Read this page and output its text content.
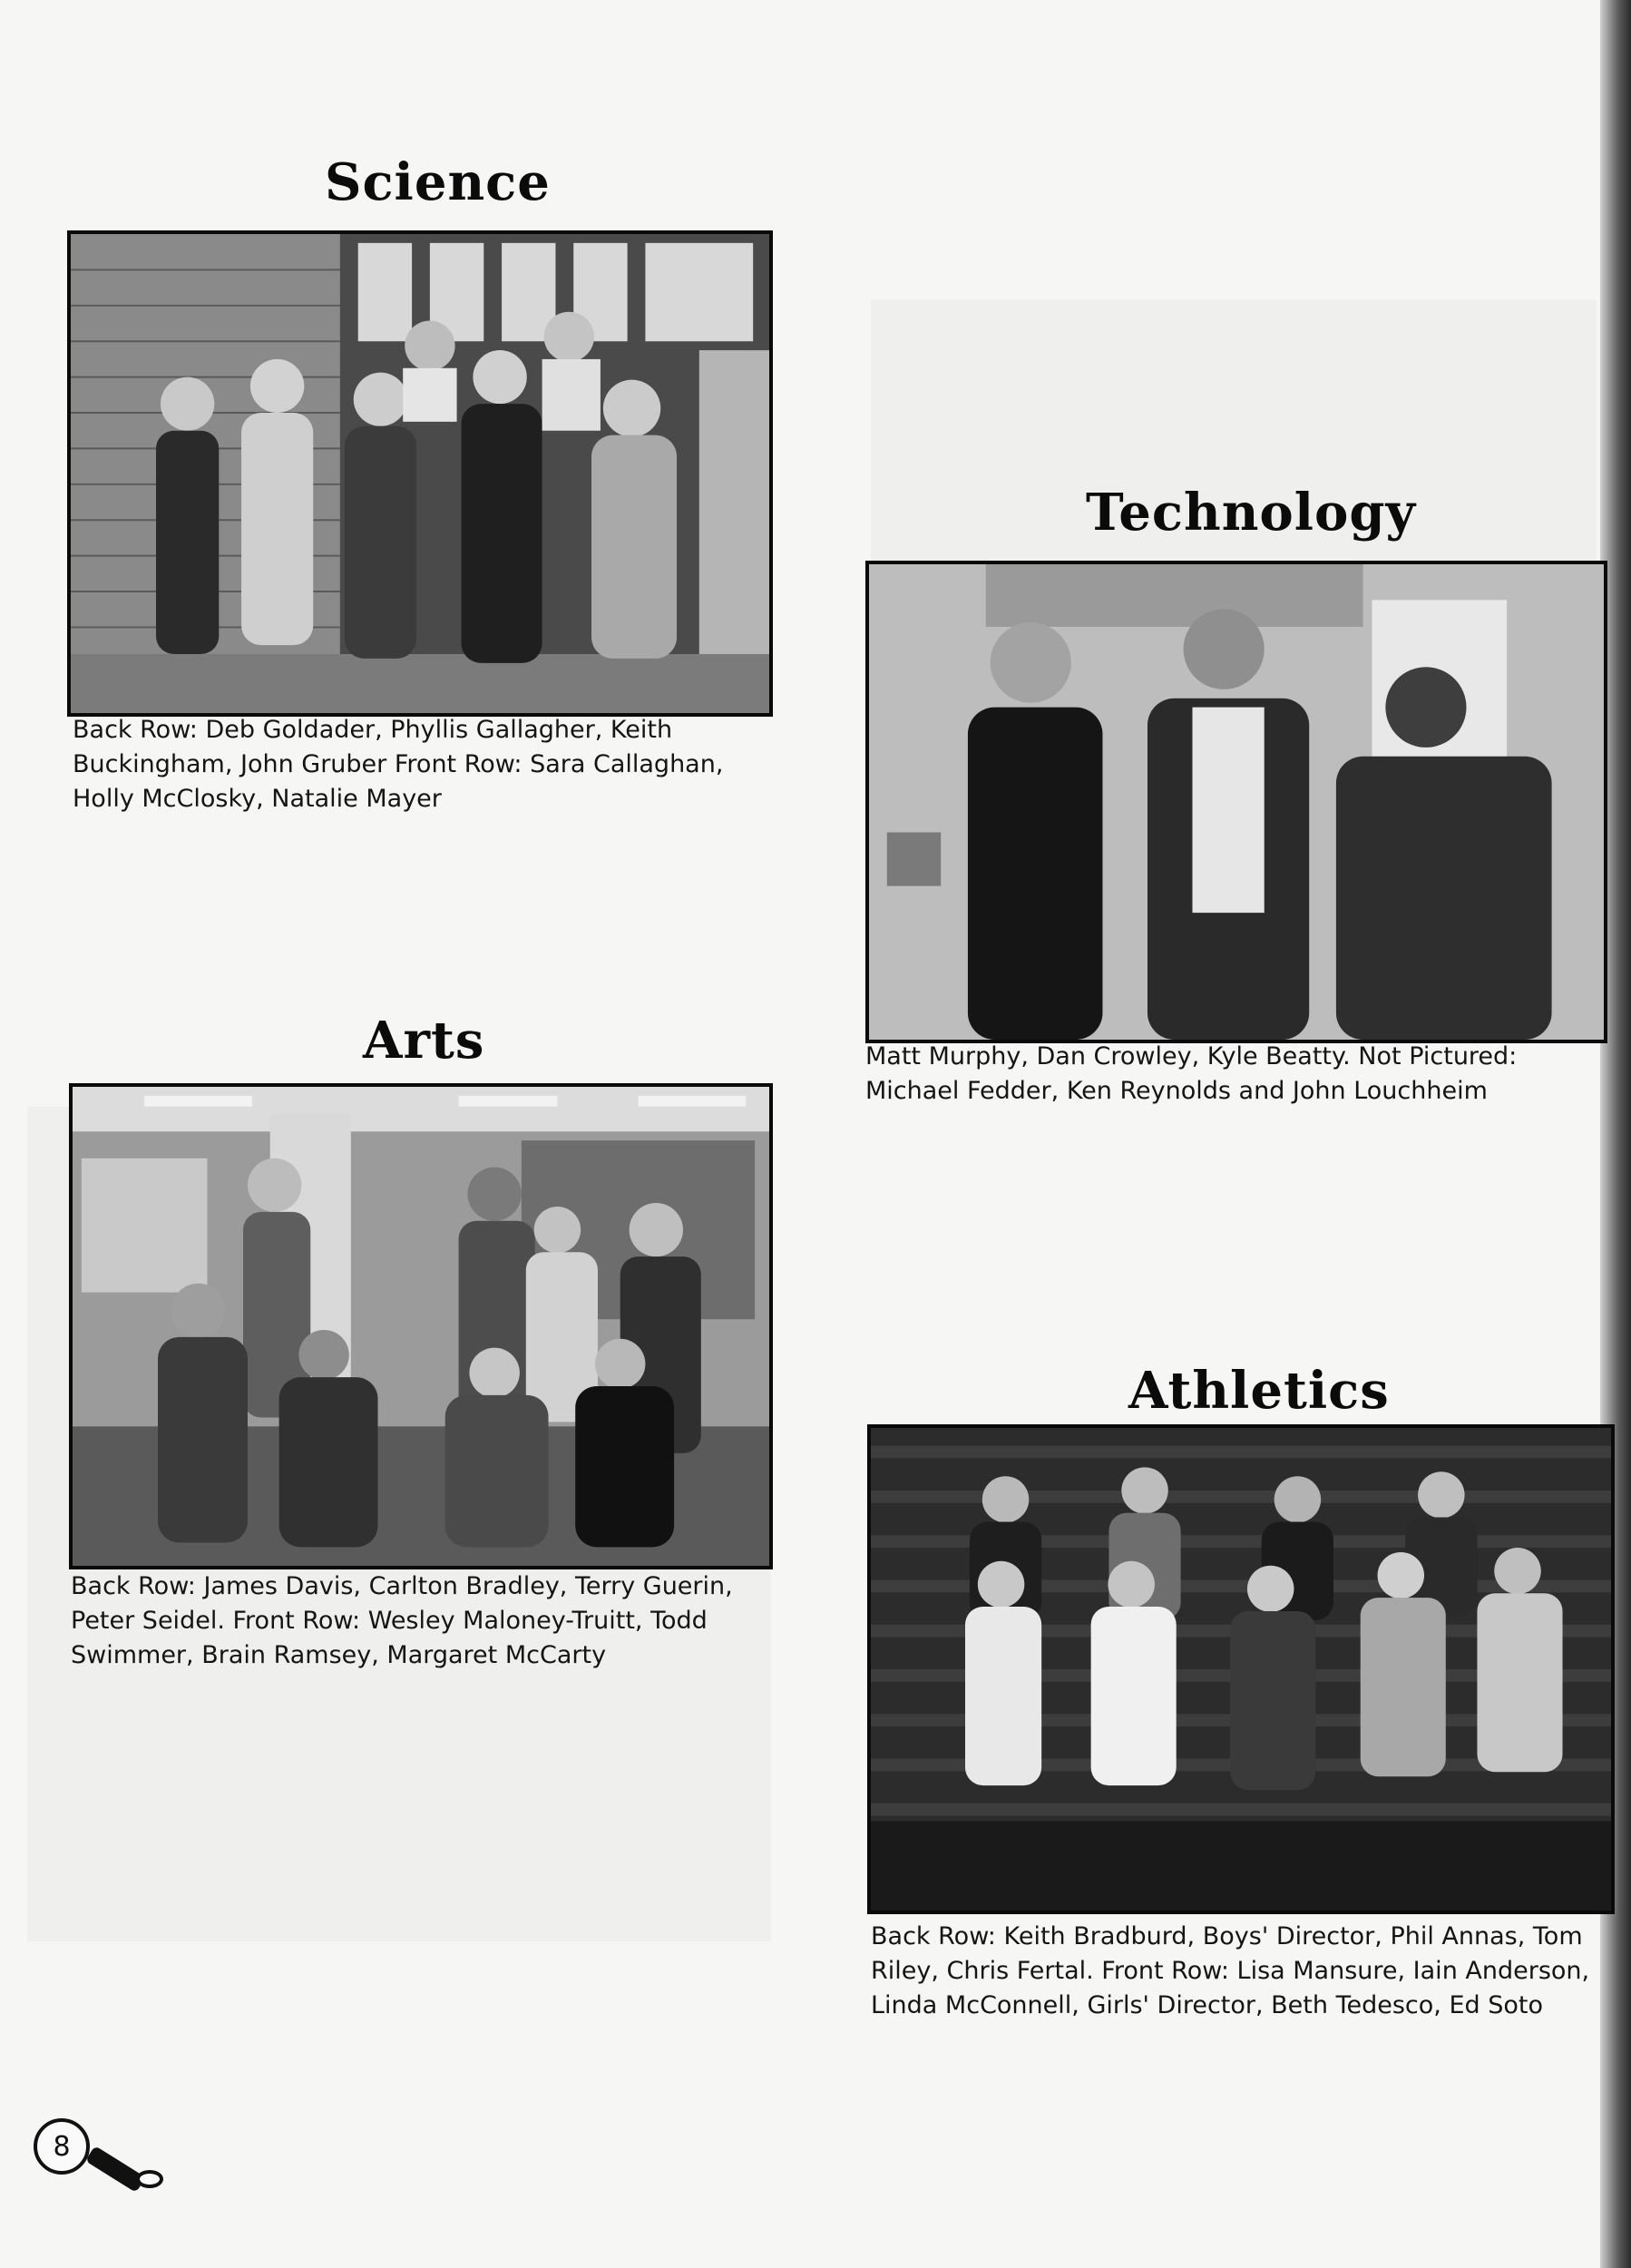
Science

Back Row: Deb Goldader, Phyllis Gallagher, Keith Buckingham, John Gruber Front Row: Sara Callaghan, Holly McClosky, Natalie Mayer

Technology

Matt Murphy, Dan Crowley, Kyle Beatty. Not Pictured: Michael Fedder, Ken Reynolds and John Louchheim

Arts

Back Row: James Davis, Carlton Bradley, Terry Guerin, Peter Seidel. Front Row: Wesley Maloney-Truitt, Todd Swimmer, Brain Ramsey, Margaret McCarty

Athletics

Back Row: Keith Bradburd, Boys' Director, Phil Annas, Tom Riley, Chris Fertal. Front Row: Lisa Mansure, Iain Anderson, Linda McConnell, Girls' Director, Beth Tedesco, Ed Soto

8
